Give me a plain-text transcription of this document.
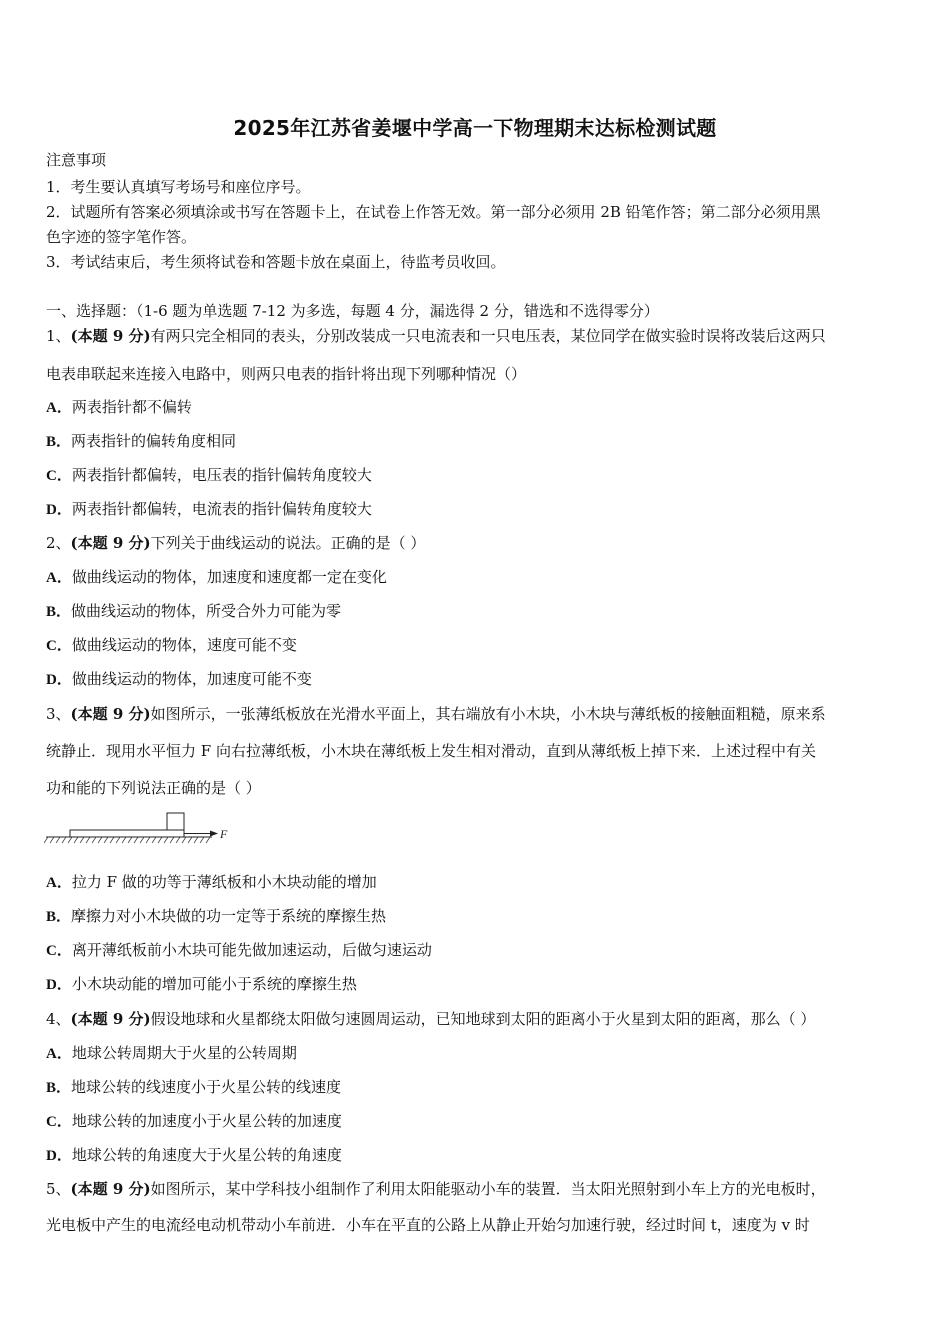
2025年江苏省姜堰中学高一下物理期末达标检测试题
注意事项
1．考生要认真填写考场号和座位序号。
2．试题所有答案必须填涂或书写在答题卡上，在试卷上作答无效。第一部分必须用 2B 铅笔作答；第二部分必须用黑
色字迹的签字笔作答。
3．考试结束后，考生须将试卷和答题卡放在桌面上，待监考员收回。
一、选择题：（1-6 题为单选题 7-12 为多选，每题 4 分，漏选得 2 分，错选和不选得零分）
1、(本题 9 分)有两只完全相同的表头，分别改装成一只电流表和一只电压表，某位同学在做实验时误将改装后这两只
电表串联起来连接入电路中，则两只电表的指针将出现下列哪种情况（）
A．两表指针都不偏转
B．两表指针的偏转角度相同
C．两表指针都偏转，电压表的指针偏转角度较大
D．两表指针都偏转，电流表的指针偏转角度较大
2、(本题 9 分)下列关于曲线运动的说法。正确的是（ ）
A．做曲线运动的物体，加速度和速度都一定在变化
B．做曲线运动的物体，所受合外力可能为零
C．做曲线运动的物体，速度可能不变
D．做曲线运动的物体，加速度可能不变
3、(本题 9 分)如图所示，一张薄纸板放在光滑水平面上，其右端放有小木块，小木块与薄纸板的接触面粗糙，原来系
统静止．现用水平恒力 F 向右拉薄纸板，小木块在薄纸板上发生相对滑动，直到从薄纸板上掉下来．上述过程中有关
功和能的下列说法正确的是（ ）
F
A．拉力 F 做的功等于薄纸板和小木块动能的增加
B．摩擦力对小木块做的功一定等于系统的摩擦生热
C．离开薄纸板前小木块可能先做加速运动，后做匀速运动
D．小木块动能的增加可能小于系统的摩擦生热
4、(本题 9 分)假设地球和火星都绕太阳做匀速圆周运动，已知地球到太阳的距离小于火星到太阳的距离，那么（ ）
A．地球公转周期大于火星的公转周期
B．地球公转的线速度小于火星公转的线速度
C．地球公转的加速度小于火星公转的加速度
D．地球公转的角速度大于火星公转的角速度
5、(本题 9 分)如图所示，某中学科技小组制作了利用太阳能驱动小车的装置．当太阳光照射到小车上方的光电板时，
光电板中产生的电流经电动机带动小车前进．小车在平直的公路上从静止开始匀加速行驶，经过时间 t，速度为 v 时
